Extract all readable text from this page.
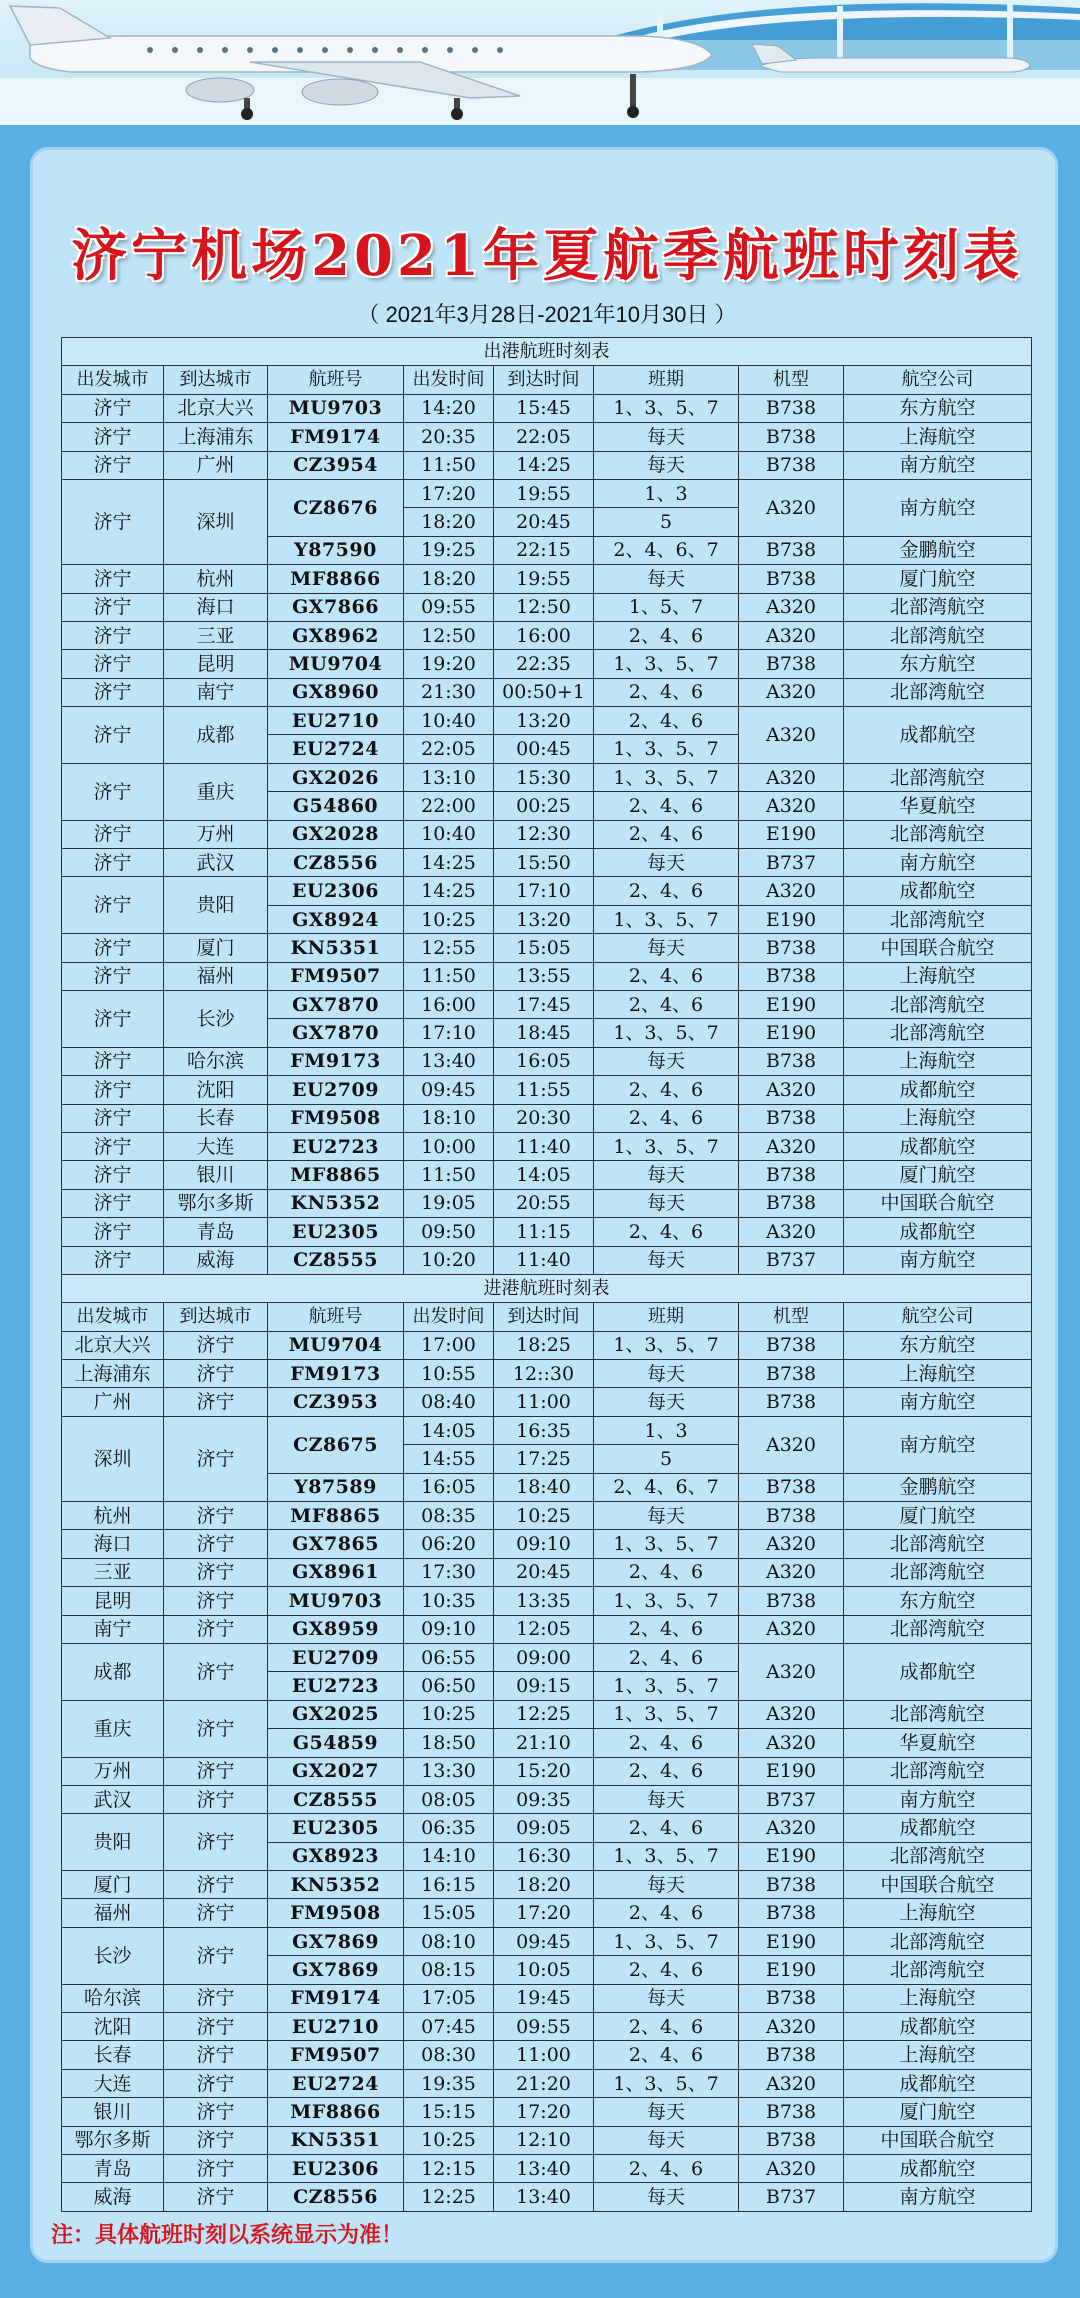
济宁机场2021年夏航季航班时刻表
（ 2021年3月28日-2021年10月30日 ）
出港航班时刻表							
出发城市	到达城市	航班号	出发时间	到达时间	班期	机型	航空公司
济宁	北京大兴	MU9703	14:20	15:45	1、3、5、7	B738	东方航空
济宁	上海浦东	FM9174	20:35	22:05	每天	B738	上海航空
济宁	广州	CZ3954	11:50	14:25	每天	B738	南方航空
济宁	深圳	CZ8676	17:20	19:55	1、3	A320	南方航空
			18:20	20:45	5		
		Y87590	19:25	22:15	2、4、6、7	B738	金鹏航空
济宁	杭州	MF8866	18:20	19:55	每天	B738	厦门航空
济宁	海口	GX7866	09:55	12:50	1、5、7	A320	北部湾航空
济宁	三亚	GX8962	12:50	16:00	2、4、6	A320	北部湾航空
济宁	昆明	MU9704	19:20	22:35	1、3、5、7	B738	东方航空
济宁	南宁	GX8960	21:30	00:50+1	2、4、6	A320	北部湾航空
济宁	成都	EU2710	10:40	13:20	2、4、6	A320	成都航空
		EU2724	22:05	00:45	1、3、5、7		
济宁	重庆	GX2026	13:10	15:30	1、3、5、7	A320	北部湾航空
		G54860	22:00	00:25	2、4、6	A320	华夏航空
济宁	万州	GX2028	10:40	12:30	2、4、6	E190	北部湾航空
济宁	武汉	CZ8556	14:25	15:50	每天	B737	南方航空
济宁	贵阳	EU2306	14:25	17:10	2、4、6	A320	成都航空
		GX8924	10:25	13:20	1、3、5、7	E190	北部湾航空
济宁	厦门	KN5351	12:55	15:05	每天	B738	中国联合航空
济宁	福州	FM9507	11:50	13:55	2、4、6	B738	上海航空
济宁	长沙	GX7870	16:00	17:45	2、4、6	E190	北部湾航空
		GX7870	17:10	18:45	1、3、5、7	E190	北部湾航空
济宁	哈尔滨	FM9173	13:40	16:05	每天	B738	上海航空
济宁	沈阳	EU2709	09:45	11:55	2、4、6	A320	成都航空
济宁	长春	FM9508	18:10	20:30	2、4、6	B738	上海航空
济宁	大连	EU2723	10:00	11:40	1、3、5、7	A320	成都航空
济宁	银川	MF8865	11:50	14:05	每天	B738	厦门航空
济宁	鄂尔多斯	KN5352	19:05	20:55	每天	B738	中国联合航空
济宁	青岛	EU2305	09:50	11:15	2、4、6	A320	成都航空
济宁	威海	CZ8555	10:20	11:40	每天	B737	南方航空
进港航班时刻表							
出发城市	到达城市	航班号	出发时间	到达时间	班期	机型	航空公司
北京大兴	济宁	MU9704	17:00	18:25	1、3、5、7	B738	东方航空
上海浦东	济宁	FM9173	10:55	12::30	每天	B738	上海航空
广州	济宁	CZ3953	08:40	11:00	每天	B738	南方航空
深圳	济宁	CZ8675	14:05	16:35	1、3	A320	南方航空
			14:55	17:25	5		
		Y87589	16:05	18:40	2、4、6、7	B738	金鹏航空
杭州	济宁	MF8865	08:35	10:25	每天	B738	厦门航空
海口	济宁	GX7865	06:20	09:10	1、3、5、7	A320	北部湾航空
三亚	济宁	GX8961	17:30	20:45	2、4、6	A320	北部湾航空
昆明	济宁	MU9703	10:35	13:35	1、3、5、7	B738	东方航空
南宁	济宁	GX8959	09:10	12:05	2、4、6	A320	北部湾航空
成都	济宁	EU2709	06:55	09:00	2、4、6	A320	成都航空
		EU2723	06:50	09:15	1、3、5、7		
重庆	济宁	GX2025	10:25	12:25	1、3、5、7	A320	北部湾航空
		G54859	18:50	21:10	2、4、6	A320	华夏航空
万州	济宁	GX2027	13:30	15:20	2、4、6	E190	北部湾航空
武汉	济宁	CZ8555	08:05	09:35	每天	B737	南方航空
贵阳	济宁	EU2305	06:35	09:05	2、4、6	A320	成都航空
		GX8923	14:10	16:30	1、3、5、7	E190	北部湾航空
厦门	济宁	KN5352	16:15	18:20	每天	B738	中国联合航空
福州	济宁	FM9508	15:05	17:20	2、4、6	B738	上海航空
长沙	济宁	GX7869	08:10	09:45	1、3、5、7	E190	北部湾航空
		GX7869	08:15	10:05	2、4、6	E190	北部湾航空
哈尔滨	济宁	FM9174	17:05	19:45	每天	B738	上海航空
沈阳	济宁	EU2710	07:45	09:55	2、4、6	A320	成都航空
长春	济宁	FM9507	08:30	11:00	2、4、6	B738	上海航空
大连	济宁	EU2724	19:35	21:20	1、3、5、7	A320	成都航空
银川	济宁	MF8866	15:15	17:20	每天	B738	厦门航空
鄂尔多斯	济宁	KN5351	10:25	12:10	每天	B738	中国联合航空
青岛	济宁	EU2306	12:15	13:40	2、4、6	A320	成都航空
威海	济宁	CZ8556	12:25	13:40	每天	B737	南方航空
注：具体航班时刻以系统显示为准！
